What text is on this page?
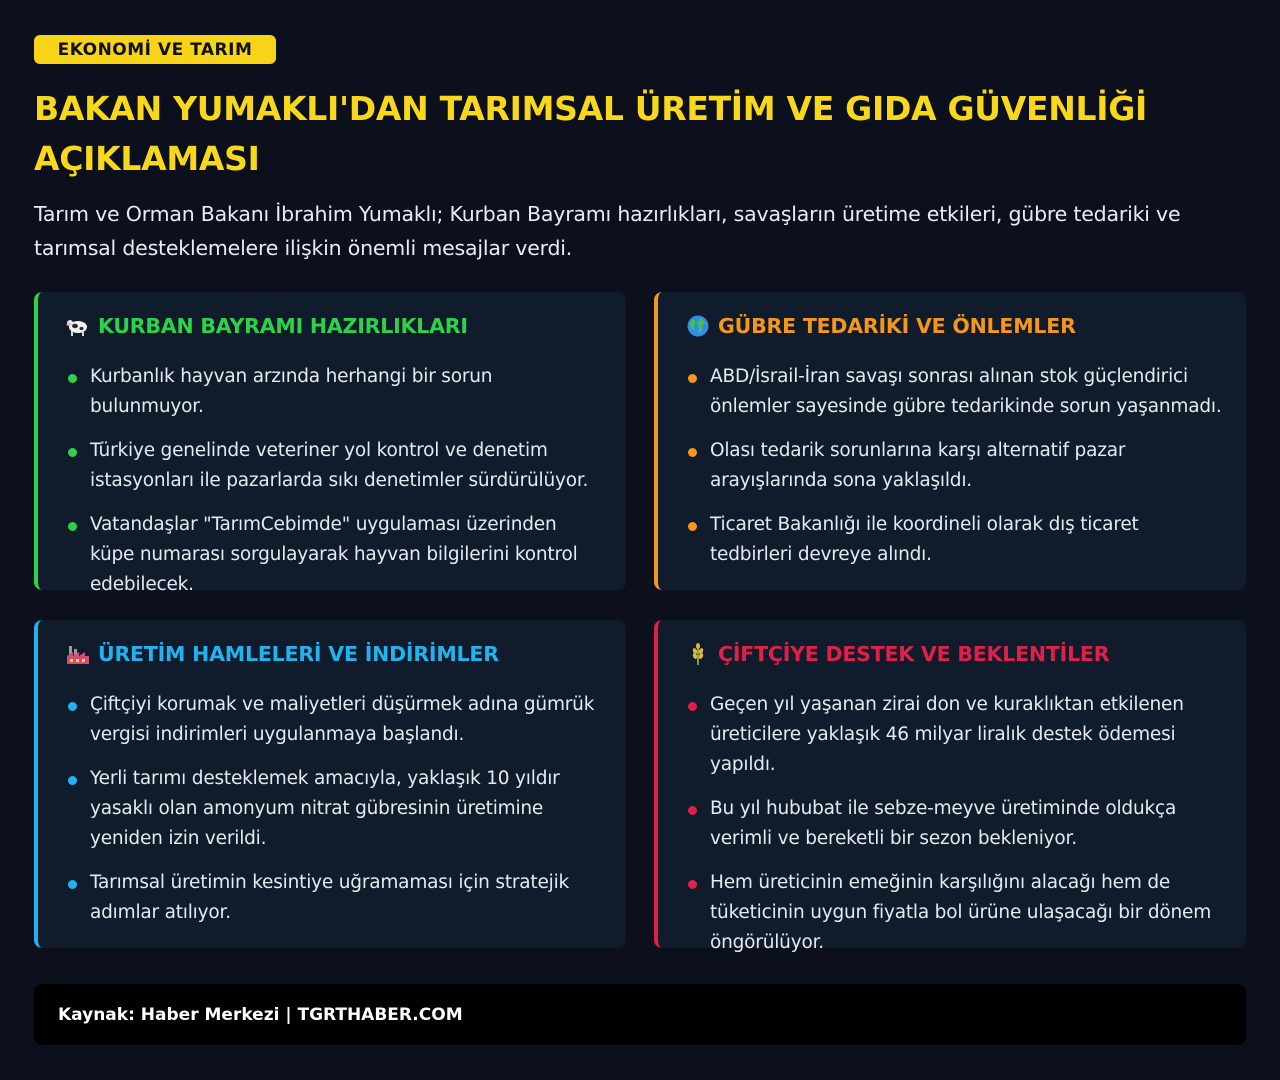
EKONOMİ VE TARIM
BAKAN YUMAKLI'DAN TARIMSAL ÜRETİM VE GIDA GÜVENLİĞİ AÇIKLAMASI

Tarım ve Orman Bakanı İbrahim Yumaklı; Kurban Bayramı hazırlıkları, savaşların üretime etkileri, gübre tedariki ve tarımsal desteklemelere ilişkin önemli mesajlar verdi.

KURBAN BAYRAMI HAZIRLIKLARI
Kurbanlık hayvan arzında herhangi bir sorun bulunmuyor.
Türkiye genelinde veteriner yol kontrol ve denetim istasyonları ile pazarlarda sıkı denetimler sürdürülüyor.
Vatandaşlar "TarımCebimde" uygulaması üzerinden küpe numarası sorgulayarak hayvan bilgilerini kontrol edebilecek.
GÜBRE TEDARİKİ VE ÖNLEMLER
ABD/İsrail-İran savaşı sonrası alınan stok güçlendirici önlemler sayesinde gübre tedarikinde sorun yaşanmadı.
Olası tedarik sorunlarına karşı alternatif pazar arayışlarında sona yaklaşıldı.
Ticaret Bakanlığı ile koordineli olarak dış ticaret tedbirleri devreye alındı.
ÜRETİM HAMLELERİ VE İNDİRİMLER
Çiftçiyi korumak ve maliyetleri düşürmek adına gümrük vergisi indirimleri uygulanmaya başlandı.
Yerli tarımı desteklemek amacıyla, yaklaşık 10 yıldır yasaklı olan amonyum nitrat gübresinin üretimine yeniden izin verildi.
Tarımsal üretimin kesintiye uğramaması için stratejik adımlar atılıyor.
ÇİFTÇİYE DESTEK VE BEKLENTİLER
Geçen yıl yaşanan zirai don ve kuraklıktan etkilenen üreticilere yaklaşık 46 milyar liralık destek ödemesi yapıldı.
Bu yıl hububat ile sebze-meyve üretiminde oldukça verimli ve bereketli bir sezon bekleniyor.
Hem üreticinin emeğinin karşılığını alacağı hem de tüketicinin uygun fiyatla bol ürüne ulaşacağı bir dönem öngörülüyor.
Kaynak: Haber Merkezi | TGRTHABER.COM
